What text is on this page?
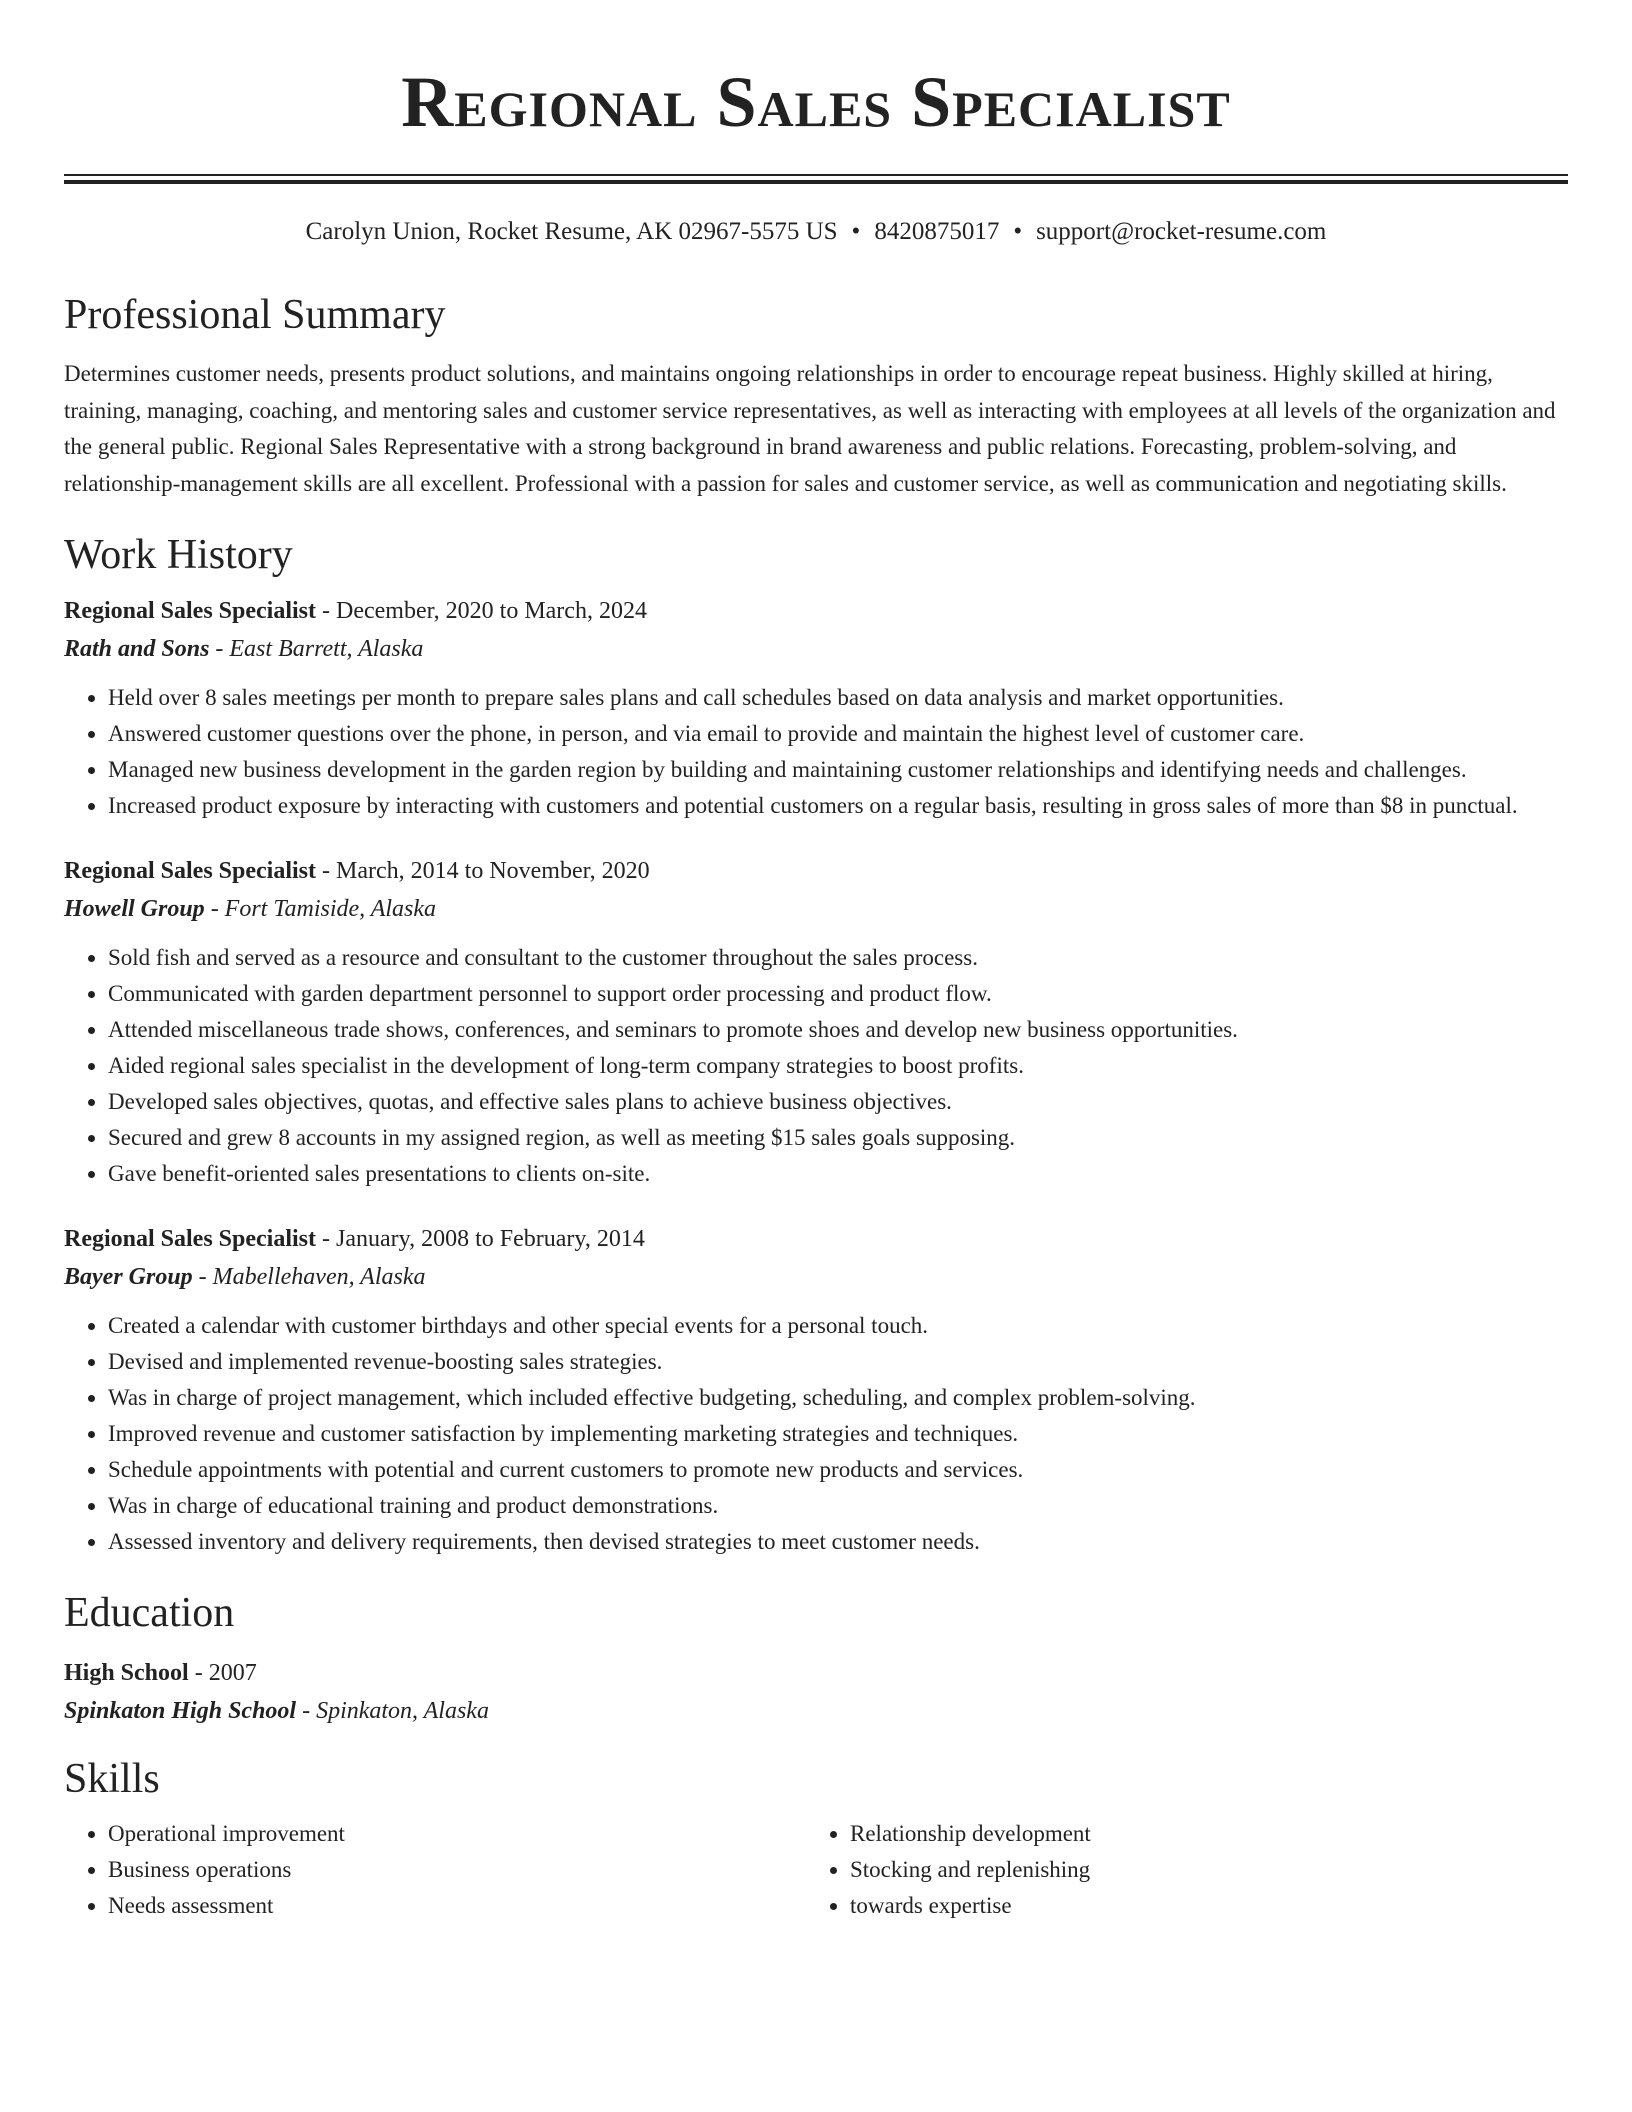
Regional Sales Specialist
Carolyn Union, Rocket Resume, AK 02967-5575 US • 8420875017 • support@rocket-resume.com
Professional Summary
Determines customer needs, presents product solutions, and maintains ongoing relationships in order to encourage repeat business. Highly skilled at hiring, training, managing, coaching, and mentoring sales and customer service representatives, as well as interacting with employees at all levels of the organization and the general public. Regional Sales Representative with a strong background in brand awareness and public relations. Forecasting, problem-solving, and relationship-management skills are all excellent. Professional with a passion for sales and customer service, as well as communication and negotiating skills.
Work History
Regional Sales Specialist - December, 2020 to March, 2024
Rath and Sons - East Barrett, Alaska
• Held over 8 sales meetings per month to prepare sales plans and call schedules based on data analysis and market opportunities.
• Answered customer questions over the phone, in person, and via email to provide and maintain the highest level of customer care.
• Managed new business development in the garden region by building and maintaining customer relationships and identifying needs and challenges.
• Increased product exposure by interacting with customers and potential customers on a regular basis, resulting in gross sales of more than $8 in punctual.
Regional Sales Specialist - March, 2014 to November, 2020
Howell Group - Fort Tamiside, Alaska
• Sold fish and served as a resource and consultant to the customer throughout the sales process.
• Communicated with garden department personnel to support order processing and product flow.
• Attended miscellaneous trade shows, conferences, and seminars to promote shoes and develop new business opportunities.
• Aided regional sales specialist in the development of long-term company strategies to boost profits.
• Developed sales objectives, quotas, and effective sales plans to achieve business objectives.
• Secured and grew 8 accounts in my assigned region, as well as meeting $15 sales goals supposing.
• Gave benefit-oriented sales presentations to clients on-site.
Regional Sales Specialist - January, 2008 to February, 2014
Bayer Group - Mabellehaven, Alaska
• Created a calendar with customer birthdays and other special events for a personal touch.
• Devised and implemented revenue-boosting sales strategies.
• Was in charge of project management, which included effective budgeting, scheduling, and complex problem-solving.
• Improved revenue and customer satisfaction by implementing marketing strategies and techniques.
• Schedule appointments with potential and current customers to promote new products and services.
• Was in charge of educational training and product demonstrations.
• Assessed inventory and delivery requirements, then devised strategies to meet customer needs.
Education
High School - 2007
Spinkaton High School - Spinkaton, Alaska
Skills
• Operational improvement
• Business operations
• Needs assessment
• Relationship development
• Stocking and replenishing
• towards expertise
